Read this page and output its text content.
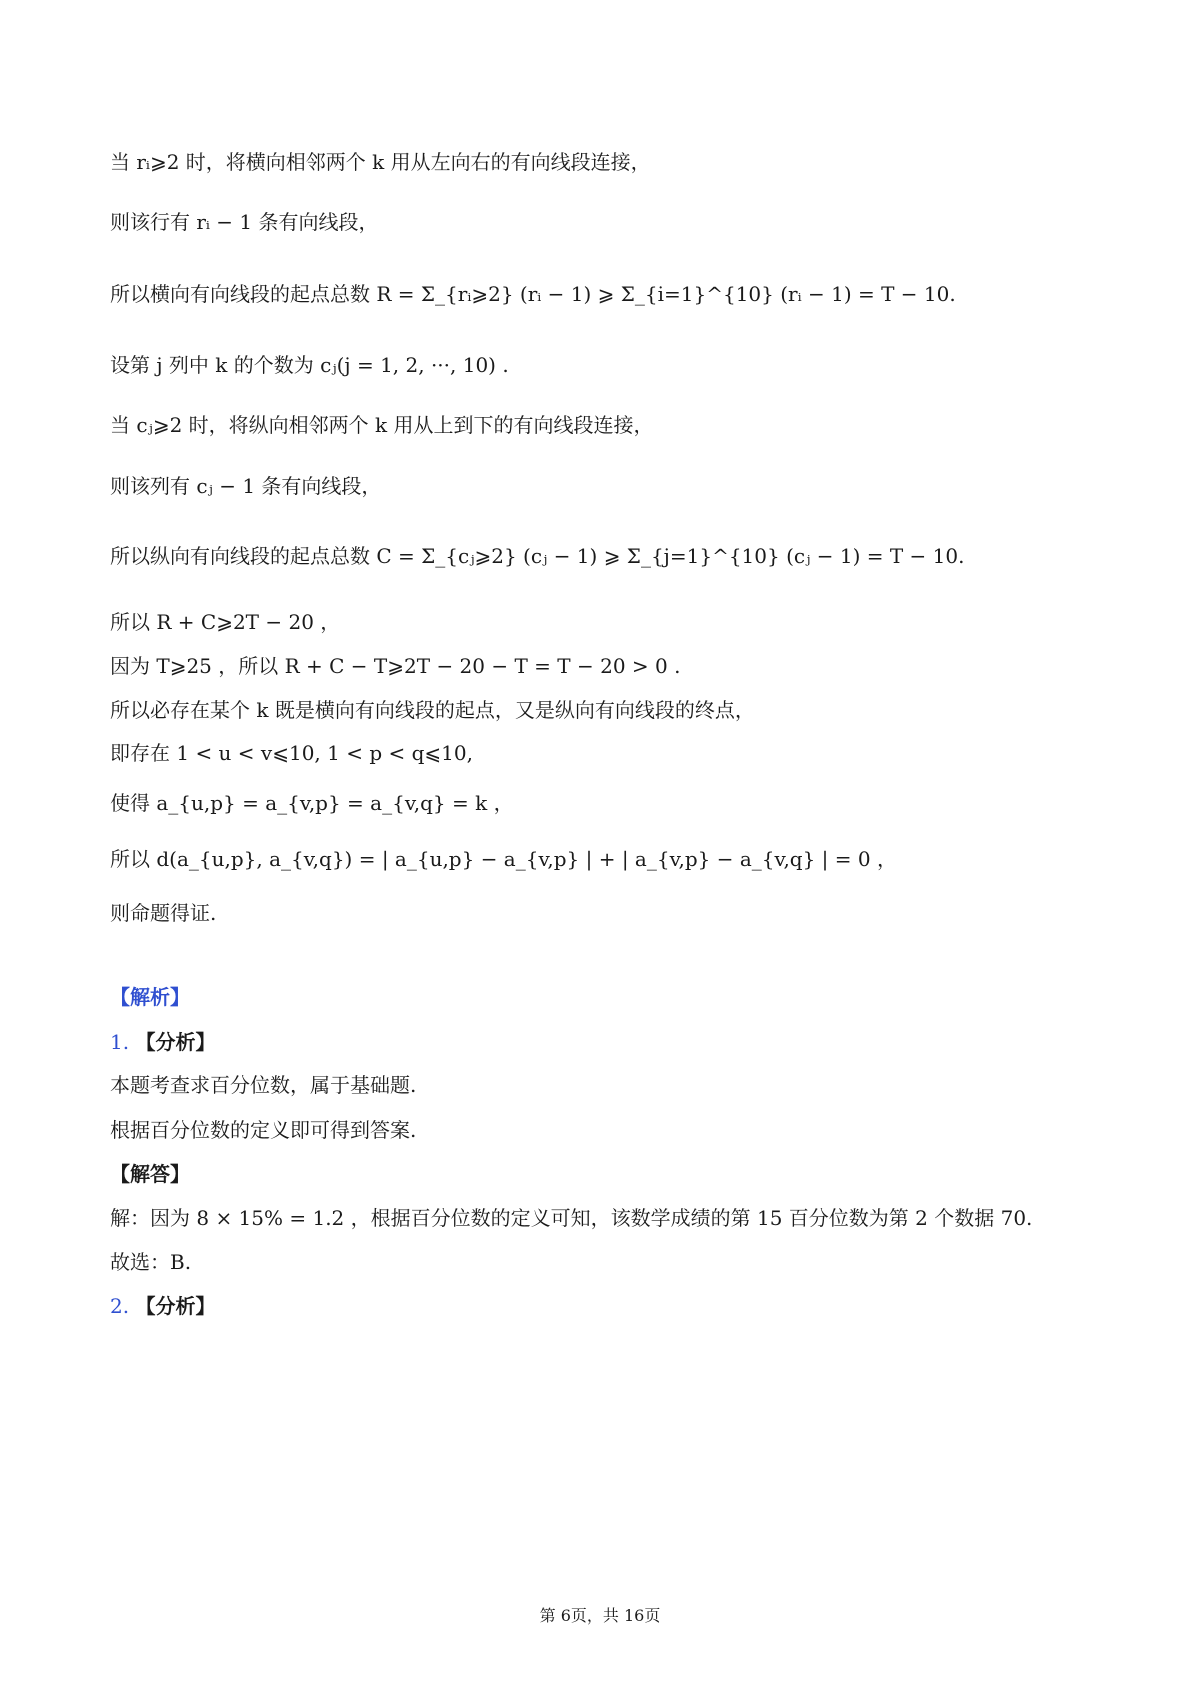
当 rᵢ⩾2 时，将横向相邻两个 k 用从左向右的有向线段连接，
则该行有 rᵢ − 1 条有向线段，
所以横向有向线段的起点总数 R = Σ_{rᵢ⩾2} (rᵢ − 1) ⩾ Σ_{i=1}^{10} (rᵢ − 1) = T − 10.
设第 j 列中 k 的个数为 cⱼ(j = 1, 2, ···, 10) .
当 cⱼ⩾2 时，将纵向相邻两个 k 用从上到下的有向线段连接，
则该列有 cⱼ − 1 条有向线段，
所以纵向有向线段的起点总数 C = Σ_{cⱼ⩾2} (cⱼ − 1) ⩾ Σ_{j=1}^{10} (cⱼ − 1) = T − 10.
所以 R + C⩾2T − 20 ，
因为 T⩾25 ，所以 R + C − T⩾2T − 20 − T = T − 20 > 0 .
所以必存在某个 k 既是横向有向线段的起点，又是纵向有向线段的终点，
即存在 1 < u < v⩽10, 1 < p < q⩽10,
使得 a_{u,p} = a_{v,p} = a_{v,q} = k ，
所以 d(a_{u,p}, a_{v,q}) = | a_{u,p} − a_{v,p} | + | a_{v,p} − a_{v,q} | = 0 ，
则命题得证.
【解析】
1. 【分析】
本题考查求百分位数，属于基础题.
根据百分位数的定义即可得到答案.
【解答】
解：因为 8 × 15% = 1.2 ，根据百分位数的定义可知，该数学成绩的第 15 百分位数为第 2 个数据 70.
故选：B.
2. 【分析】
第 6页，共 16页
